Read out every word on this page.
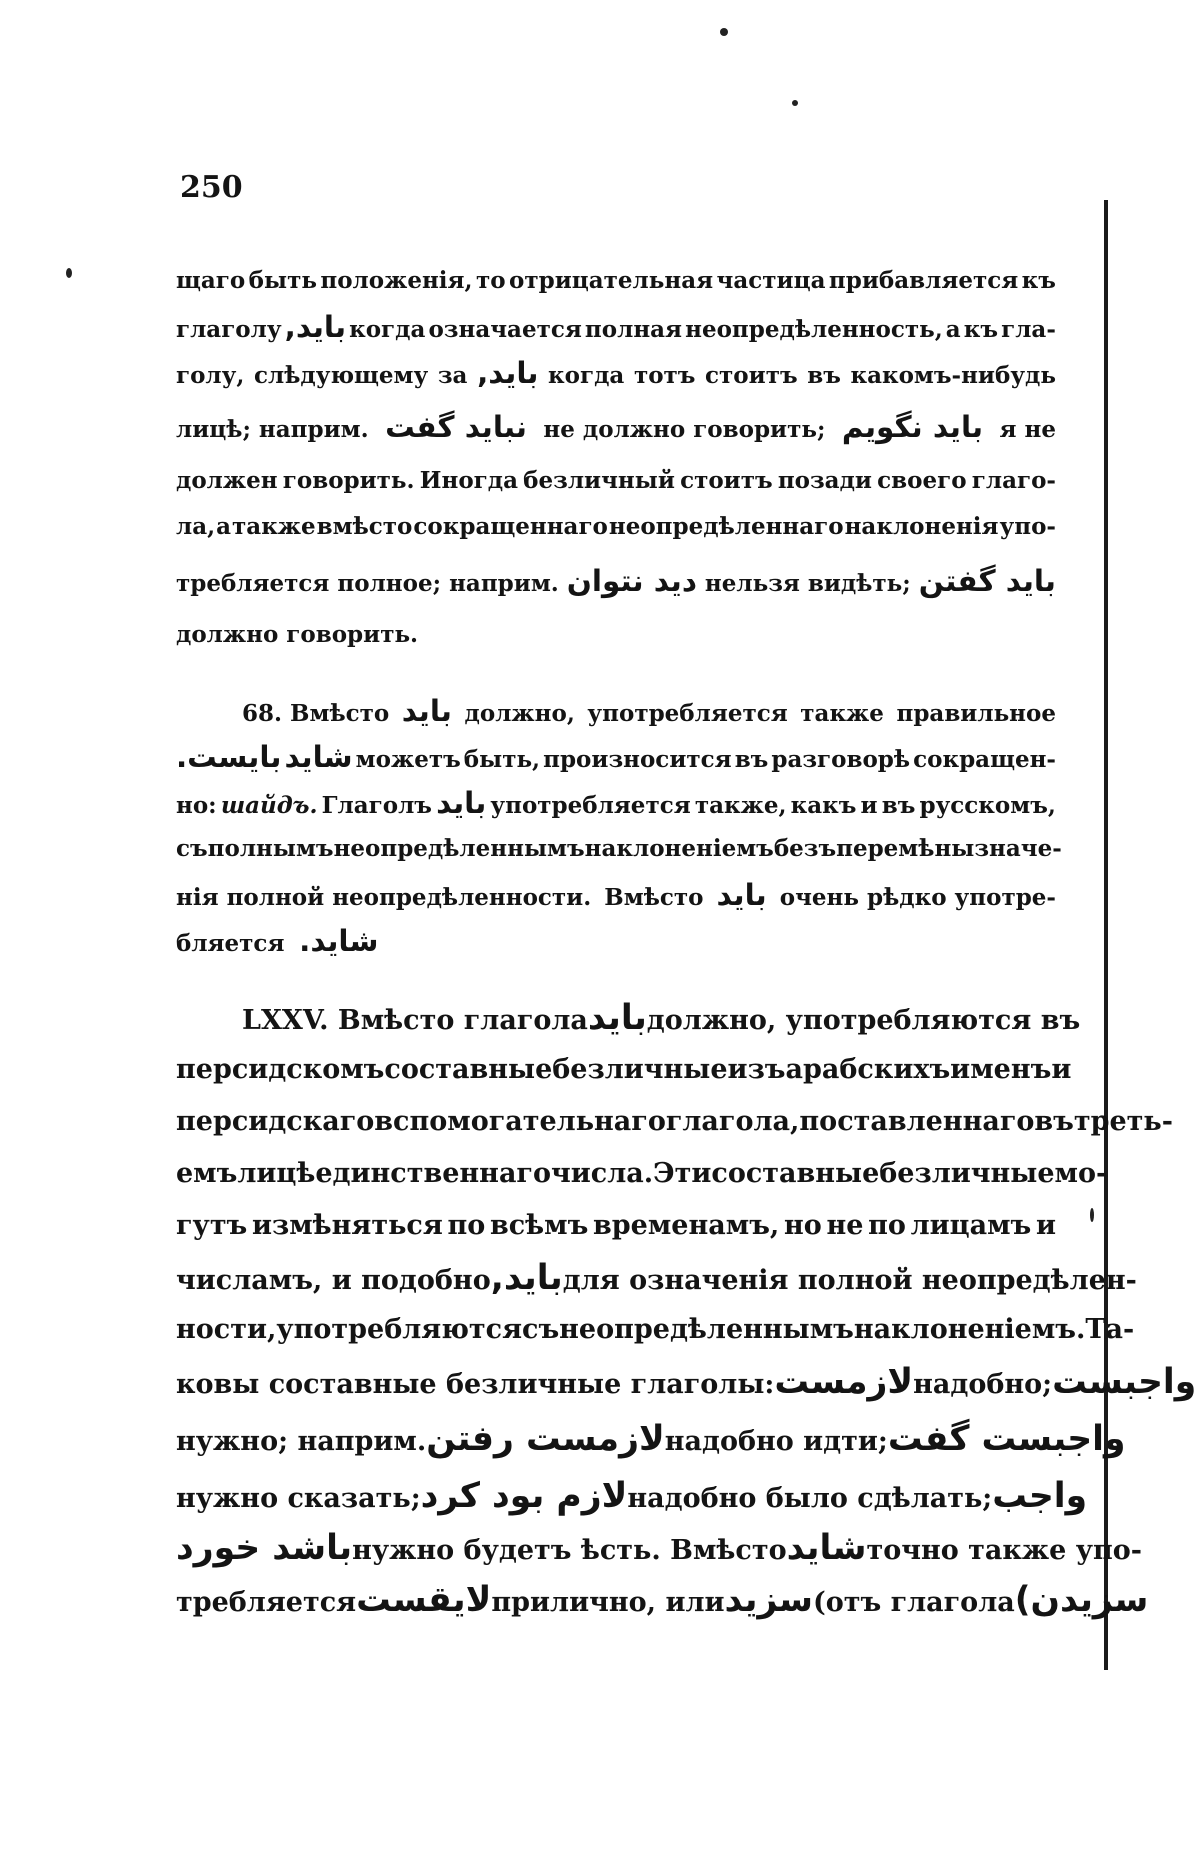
250
щаго быть положенія, то отрицательная частица прибавляется къ
глаголу باید, когда означается полная неопредѣленность, а къ гла-
голу, слѣдующему за باید, когда тотъ стоитъ въ какомъ-нибудь
лицѣ; наприм. نباید گفت не должно говорить; باید نگویم я не
должен говорить. Иногда безличный стоитъ позади своего глаго-
ла, а также вмѣсто сокращеннаго неопредѣленнаго наклоненія упо-
требляется полное; наприм. دید نتوان нельзя видѣть; باید گفتن
должно говорить.
68. Вмѣсто باید должно, употребляется также правильное
بایست. شاید можетъ быть, произносится въ разговорѣ сокращен-
но: шайдъ. Глаголъ باید употребляется также, какъ и въ русскомъ,
съ полнымъ неопредѣленнымъ наклоненіемъ безъ перемѣны значе-
нія полной неопредѣленности. Вмѣсто باید очень рѣдко употре-
бляется شاید.
LXXV. Вмѣсто глагола باید должно, употребляются въ
персидскомъ составные безличные изъ арабскихъ именъ и
персидскаго вспомогательнаго глагола, поставленнаго въ треть-
емъ лицѣ единственнаго числа. Эти составные безличные мо-
гутъ измѣняться по всѣмъ временамъ, но не по лицамъ и
числамъ, и подобно باید, для означенія полной неопредѣлен-
ности, употребляются съ неопредѣленнымъ наклоненіемъ. Та-
ковы составные безличные глаголы: لازمست надобно; واجبست
нужно; наприм. لازمست رفتن надобно идти; واجبست گفت
нужно сказать; لازم بود کرد надобно было сдѣлать; واجب
باشد خورد нужно будетъ ѣсть. Вмѣсто شاید точно также упо-
требляется لایقست прилично, или سزید (отъ глагола سزیدن)
